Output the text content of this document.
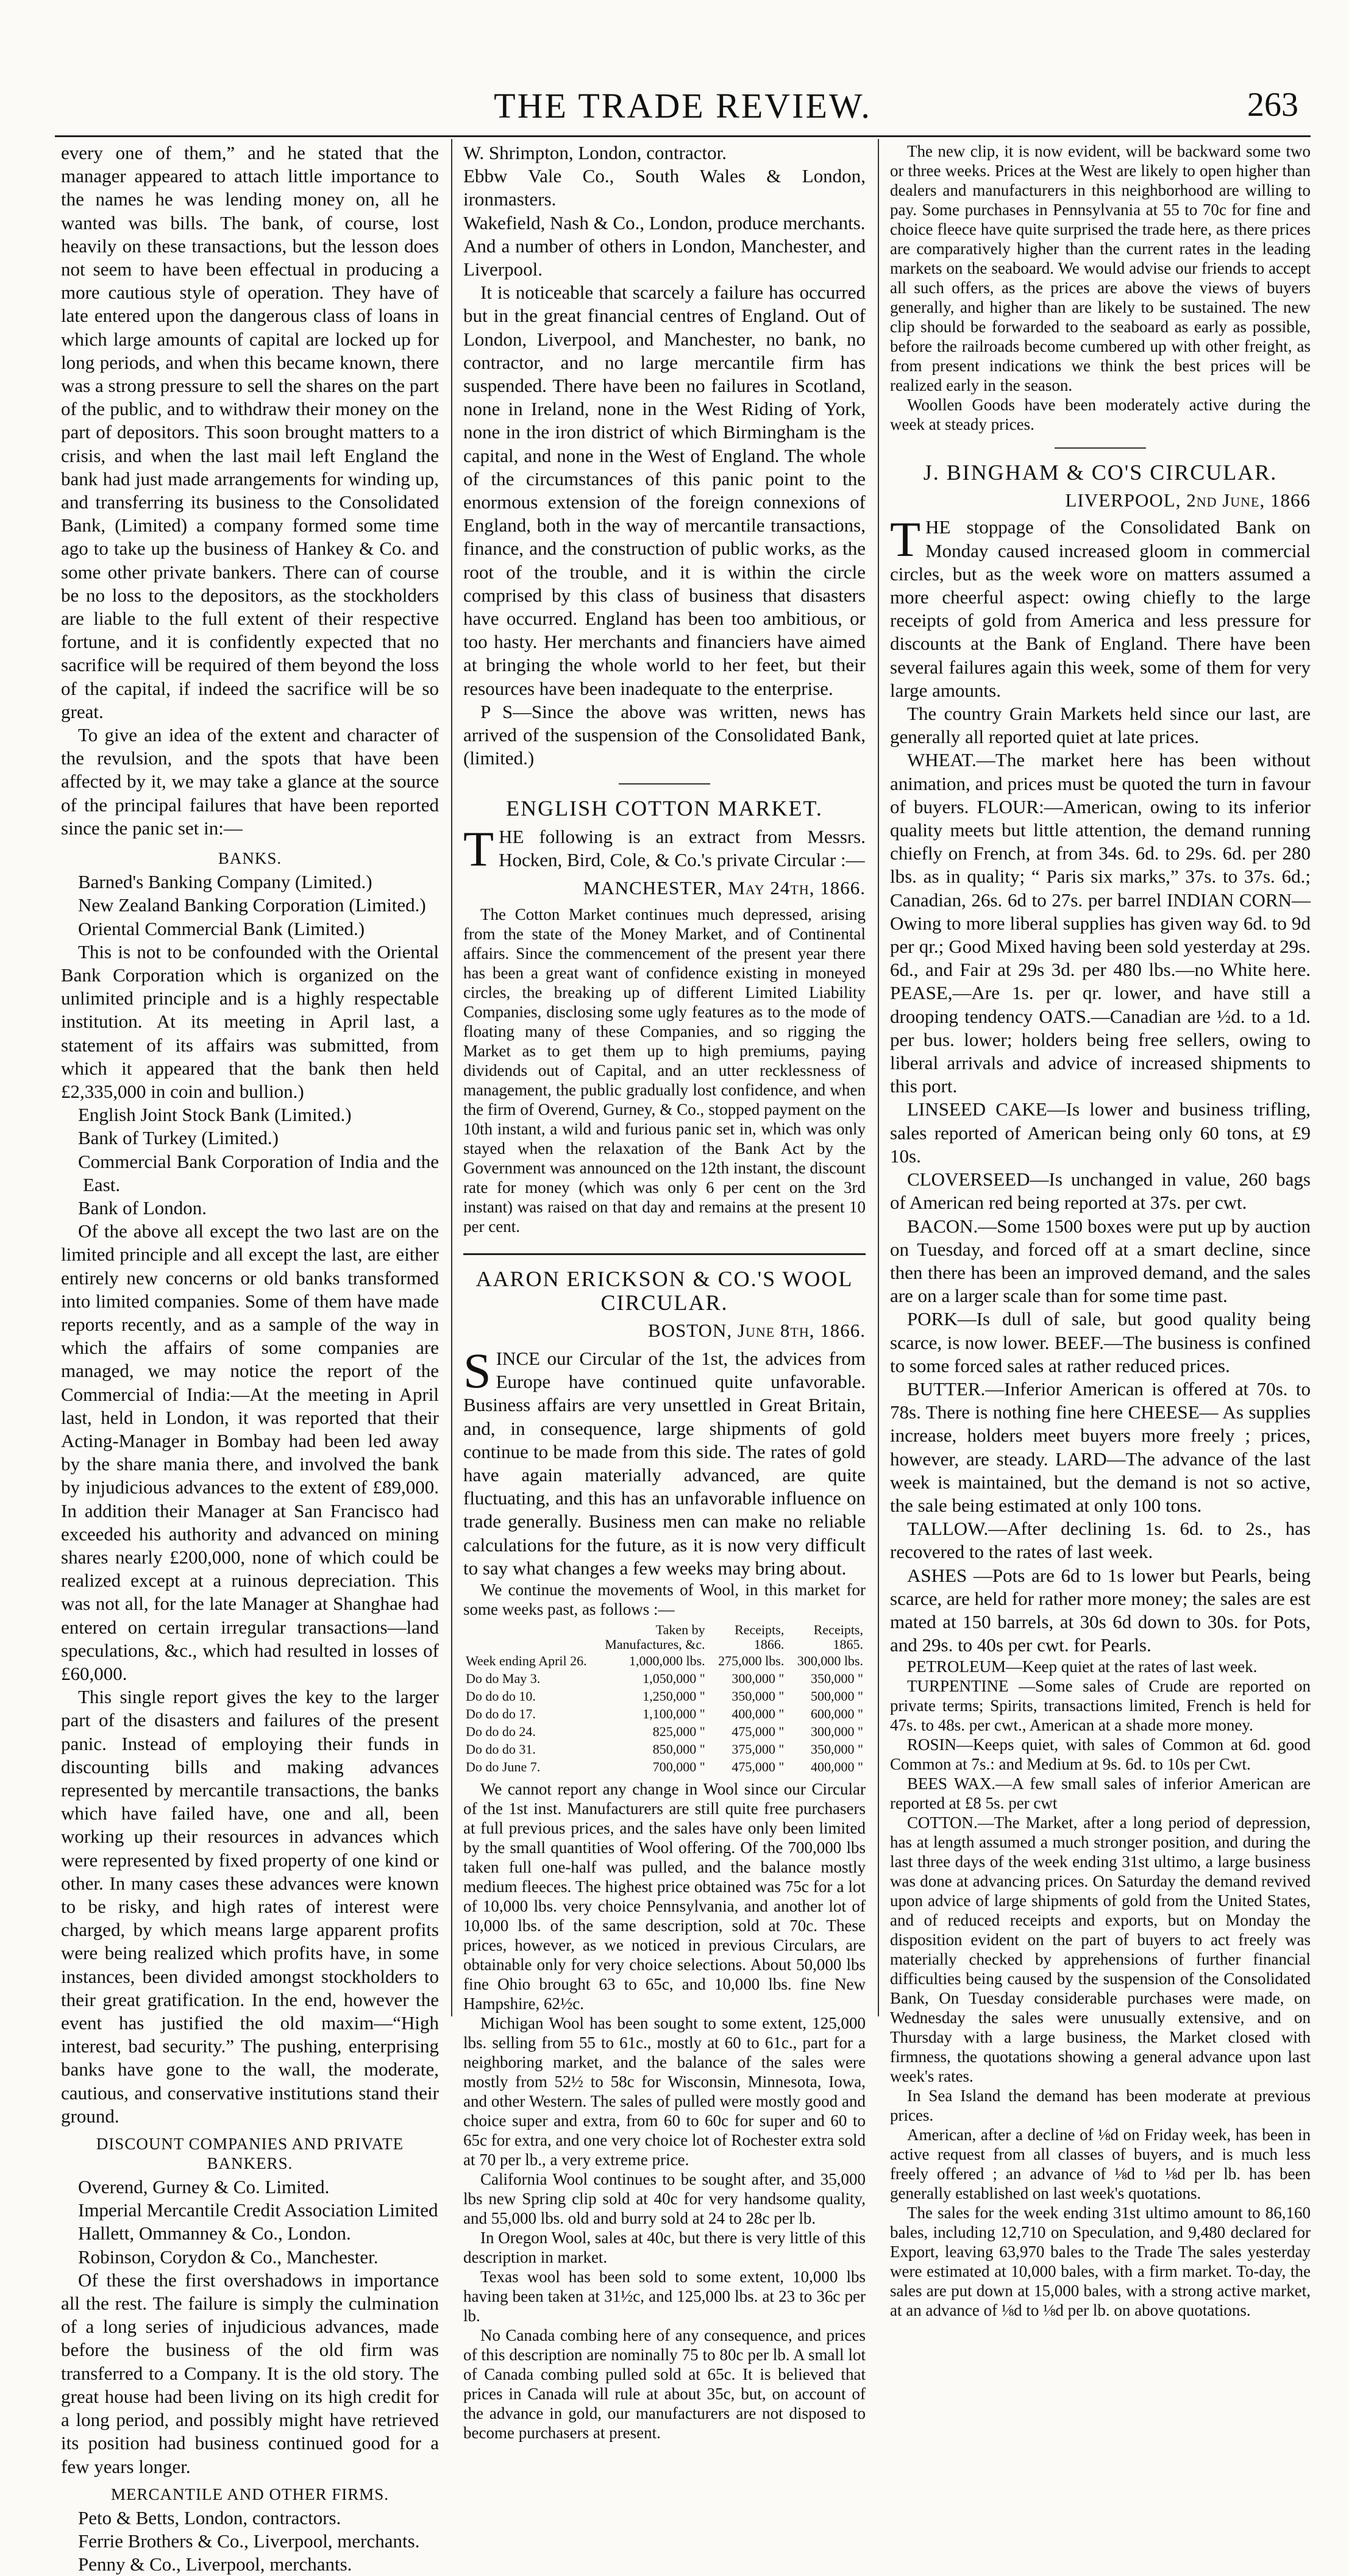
THE TRADE REVIEW.	263

every one of them,” and he stated that the manager appeared to attach little importance to the names he was lending money on, all he wanted was bills. The bank, of course, lost heavily on these transactions, but the lesson does not seem to have been effectual in producing a more cautious style of operation. They have of late entered upon the dangerous class of loans in which large amounts of capital are locked up for long periods, and when this became known, there was a strong pressure to sell the shares on the part of the public, and to withdraw their money on the part of depositors. This soon brought matters to a crisis, and when the last mail left England the bank had just made arrangements for winding up, and transferring its business to the Consolidated Bank, (Limited) a company formed some time ago to take up the business of Hankey & Co. and some other private bankers. There can of course be no loss to the depositors, as the stockholders are liable to the full extent of their respective fortune, and it is confidently expected that no sacrifice will be required of them beyond the loss of the capital, if indeed the sacrifice will be so great.

To give an idea of the extent and character of the revulsion, and the spots that have been affected by it, we may take a glance at the source of the principal failures that have been reported since the panic set in:—

BANKS.

Barned's Banking Company (Limited.)

New Zealand Banking Corporation (Limited.)

Oriental Commercial Bank (Limited.)

This is not to be confounded with the Oriental Bank Corporation which is organized on the unlimited principle and is a highly respectable institution. At its meeting in April last, a statement of its affairs was submitted, from which it appeared that the bank then held £2,335,000 in coin and bullion.)

English Joint Stock Bank (Limited.)

Bank of Turkey (Limited.)

Commercial Bank Corporation of India and the East.

Bank of London.

Of the above all except the two last are on the limited principle and all except the last, are either entirely new concerns or old banks transformed into limited companies. Some of them have made reports recently, and as a sample of the way in which the affairs of some companies are managed, we may notice the report of the Commercial of India:—At the meeting in April last, held in London, it was reported that their Acting-Manager in Bombay had been led away by the share mania there, and involved the bank by injudicious advances to the extent of £89,000. In addition their Manager at San Francisco had exceeded his authority and advanced on mining shares nearly £200,000, none of which could be realized except at a ruinous depreciation. This was not all, for the late Manager at Shanghae had entered on certain irregular transactions—land speculations, &c., which had resulted in losses of £60,000.

This single report gives the key to the larger part of the disasters and failures of the present panic. Instead of employing their funds in discounting bills and making advances represented by mercantile transactions, the banks which have failed have, one and all, been working up their resources in advances which were represented by fixed property of one kind or other. In many cases these advances were known to be risky, and high rates of interest were charged, by which means large apparent profits were being realized which profits have, in some instances, been divided amongst stockholders to their great gratification. In the end, however the event has justified the old maxim—“High interest, bad security.” The pushing, enterprising banks have gone to the wall, the moderate, cautious, and conservative institutions stand their ground.

DISCOUNT COMPANIES AND PRIVATE BANKERS.

Overend, Gurney & Co. Limited.

Imperial Mercantile Credit Association Limited

Hallett, Ommanney & Co., London.

Robinson, Corydon & Co., Manchester.

Of these the first overshadows in importance all the rest. The failure is simply the culmination of a long series of injudicious advances, made before the business of the old firm was transferred to a Company. It is the old story. The great house had been living on its high credit for a long period, and possibly might have retrieved its position had business continued good for a few years longer.

MERCANTILE AND OTHER FIRMS.

Peto & Betts, London, contractors.

Ferrie Brothers & Co., Liverpool, merchants.

Penny & Co., Liverpool, merchants.

W. Shrimpton, London, contractor.

Ebbw Vale Co., South Wales & London, ironmasters.

Wakefield, Nash & Co., London, produce merchants.

And a number of others in London, Manchester, and Liverpool.

It is noticeable that scarcely a failure has occurred but in the great financial centres of England. Out of London, Liverpool, and Manchester, no bank, no contractor, and no large mercantile firm has suspended. There have been no failures in Scotland, none in Ireland, none in the West Riding of York, none in the iron district of which Birmingham is the capital, and none in the West of England. The whole of the circumstances of this panic point to the enormous extension of the foreign connexions of England, both in the way of mercantile transactions, finance, and the construction of public works, as the root of the trouble, and it is within the circle comprised by this class of business that disasters have occurred. England has been too ambitious, or too hasty. Her merchants and financiers have aimed at bringing the whole world to her feet, but their resources have been inadequate to the enterprise.

P S—Since the above was written, news has arrived of the suspension of the Consolidated Bank, (limited.)

ENGLISH COTTON MARKET.

THE following is an extract from Messrs. Hocken, Bird, Cole, & Co.'s private Circular :—

MANCHESTER, May 24th, 1866.

The Cotton Market continues much depressed, arising from the state of the Money Market, and of Continental affairs. Since the commencement of the present year there has been a great want of confidence existing in moneyed circles, the breaking up of different Limited Liability Companies, disclosing some ugly features as to the mode of floating many of these Companies, and so rigging the Market as to get them up to high premiums, paying dividends out of Capital, and an utter recklessness of management, the public gradually lost confidence, and when the firm of Overend, Gurney, & Co., stopped payment on the 10th instant, a wild and furious panic set in, which was only stayed when the relaxation of the Bank Act by the Government was announced on the 12th instant, the discount rate for money (which was only 6 per cent on the 3rd instant) was raised on that day and remains at the present 10 per cent.

AARON ERICKSON & CO.'S WOOL CIRCULAR.

BOSTON, June 8th, 1866.

SINCE our Circular of the 1st, the advices from Europe have continued quite unfavorable. Business affairs are very unsettled in Great Britain, and, in consequence, large shipments of gold continue to be made from this side. The rates of gold have again materially advanced, are quite fluctuating, and this has an unfavorable influence on trade generally. Business men can make no reliable calculations for the future, as it is now very difficult to say what changes a few weeks may bring about.

We continue the movements of Wool, in this market for some weeks past, as follows :—

	Taken by Manufactures, &c.	Receipts, 1866.	Receipts, 1865.
Week ending April 26.	1,000,000 lbs.	275,000 lbs.	300,000 lbs.
Do do May 3.	1,050,000 "	300,000 "	350,000 "
Do do do 10.	1,250,000 "	350,000 "	500,000 "
Do do do 17.	1,100,000 "	400,000 "	600,000 "
Do do do 24.	825,000 "	475,000 "	300,000 "
Do do do 31.	850,000 "	375,000 "	350,000 "
Do do June 7.	700,000 "	475,000 "	400,000 "

We cannot report any change in Wool since our Circular of the 1st inst. Manufacturers are still quite free purchasers at full previous prices, and the sales have only been limited by the small quantities of Wool offering. Of the 700,000 lbs taken full one-half was pulled, and the balance mostly medium fleeces. The highest price obtained was 75c for a lot of 10,000 lbs. very choice Pennsylvania, and another lot of 10,000 lbs. of the same description, sold at 70c. These prices, however, as we noticed in previous Circulars, are obtainable only for very choice selections. About 50,000 lbs fine Ohio brought 63 to 65c, and 10,000 lbs. fine New Hampshire, 62½c.

Michigan Wool has been sought to some extent, 125,000 lbs. selling from 55 to 61c., mostly at 60 to 61c., part for a neighboring market, and the balance of the sales were mostly from 52½ to 58c for Wisconsin, Minnesota, Iowa, and other Western. The sales of pulled were mostly good and choice super and extra, from 60 to 60c for super and 60 to 65c for extra, and one very choice lot of Rochester extra sold at 70 per lb., a very extreme price.

California Wool continues to be sought after, and 35,000 lbs new Spring clip sold at 40c for very handsome quality, and 55,000 lbs. old and burry sold at 24 to 28c per lb.

In Oregon Wool, sales at 40c, but there is very little of this description in market.

Texas wool has been sold to some extent, 10,000 lbs having been taken at 31½c, and 125,000 lbs. at 23 to 36c per lb.

No Canada combing here of any consequence, and prices of this description are nominally 75 to 80c per lb. A small lot of Canada combing pulled sold at 65c. It is believed that prices in Canada will rule at about 35c, but, on account of the advance in gold, our manufacturers are not disposed to become purchasers at present.

The new clip, it is now evident, will be backward some two or three weeks. Prices at the West are likely to open higher than dealers and manufacturers in this neighborhood are willing to pay. Some purchases in Pennsylvania at 55 to 70c for fine and choice fleece have quite surprised the trade here, as there prices are comparatively higher than the current rates in the leading markets on the seaboard. We would advise our friends to accept all such offers, as the prices are above the views of buyers generally, and higher than are likely to be sustained. The new clip should be forwarded to the seaboard as early as possible, before the railroads become cumbered up with other freight, as from present indications we think the best prices will be realized early in the season.

Woollen Goods have been moderately active during the week at steady prices.

J. BINGHAM & CO'S CIRCULAR.

LIVERPOOL, 2nd June, 1866

THE stoppage of the Consolidated Bank on Monday caused increased gloom in commercial circles, but as the week wore on matters assumed a more cheerful aspect: owing chiefly to the large receipts of gold from America and less pressure for discounts at the Bank of England. There have been several failures again this week, some of them for very large amounts.

The country Grain Markets held since our last, are generally all reported quiet at late prices.

WHEAT.—The market here has been without animation, and prices must be quoted the turn in favour of buyers. FLOUR:—American, owing to its inferior quality meets but little attention, the demand running chiefly on French, at from 34s. 6d. to 29s. 6d. per 280 lbs. as in quality; “ Paris six marks,” 37s. to 37s. 6d.; Canadian, 26s. 6d to 27s. per barrel INDIAN CORN—Owing to more liberal supplies has given way 6d. to 9d per qr.; Good Mixed having been sold yesterday at 29s. 6d., and Fair at 29s 3d. per 480 lbs.—no White here. PEASE,—Are 1s. per qr. lower, and have still a drooping tendency OATS.—Canadian are ½d. to a 1d. per bus. lower; holders being free sellers, owing to liberal arrivals and advice of increased shipments to this port.

LINSEED CAKE—Is lower and business trifling, sales reported of American being only 60 tons, at £9 10s.

CLOVERSEED—Is unchanged in value, 260 bags of American red being reported at 37s. per cwt.

BACON.—Some 1500 boxes were put up by auction on Tuesday, and forced off at a smart decline, since then there has been an improved demand, and the sales are on a larger scale than for some time past.

PORK—Is dull of sale, but good quality being scarce, is now lower. BEEF.—The business is confined to some forced sales at rather reduced prices.

BUTTER.—Inferior American is offered at 70s. to 78s. There is nothing fine here CHEESE— As supplies increase, holders meet buyers more freely ; prices, however, are steady. LARD—The advance of the last week is maintained, but the demand is not so active, the sale being estimated at only 100 tons.

TALLOW.—After declining 1s. 6d. to 2s., has recovered to the rates of last week.

ASHES —Pots are 6d to 1s lower but Pearls, being scarce, are held for rather more money; the sales are est mated at 150 barrels, at 30s 6d down to 30s. for Pots, and 29s. to 40s per cwt. for Pearls.

PETROLEUM—Keep quiet at the rates of last week.

TURPENTINE —Some sales of Crude are reported on private terms; Spirits, transactions limited, French is held for 47s. to 48s. per cwt., American at a shade more money.

ROSIN—Keeps quiet, with sales of Common at 6d. good Common at 7s.: and Medium at 9s. 6d. to 10s per Cwt.

BEES WAX.—A few small sales of inferior American are reported at £8 5s. per cwt

COTTON.—The Market, after a long period of depression, has at length assumed a much stronger position, and during the last three days of the week ending 31st ultimo, a large business was done at advancing prices. On Saturday the demand revived upon advice of large shipments of gold from the United States, and of reduced receipts and exports, but on Monday the disposition evident on the part of buyers to act freely was materially checked by apprehensions of further financial difficulties being caused by the suspension of the Consolidated Bank, On Tuesday considerable purchases were made, on Wednesday the sales were unusually extensive, and on Thursday with a large business, the Market closed with firmness, the quotations showing a general advance upon last week's rates.

In Sea Island the demand has been moderate at previous prices.

American, after a decline of ⅛d on Friday week, has been in active request from all classes of buyers, and is much less freely offered ; an advance of ⅛d to ⅛d per lb. has been generally established on last week's quotations.

The sales for the week ending 31st ultimo amount to 86,160 bales, including 12,710 on Speculation, and 9,480 declared for Export, leaving 63,970 bales to the Trade The sales yesterday were estimated at 10,000 bales, with a firm market. To-day, the sales are put down at 15,000 bales, with a strong active market, at an advance of ⅛d to ⅛d per lb. on above quotations.
